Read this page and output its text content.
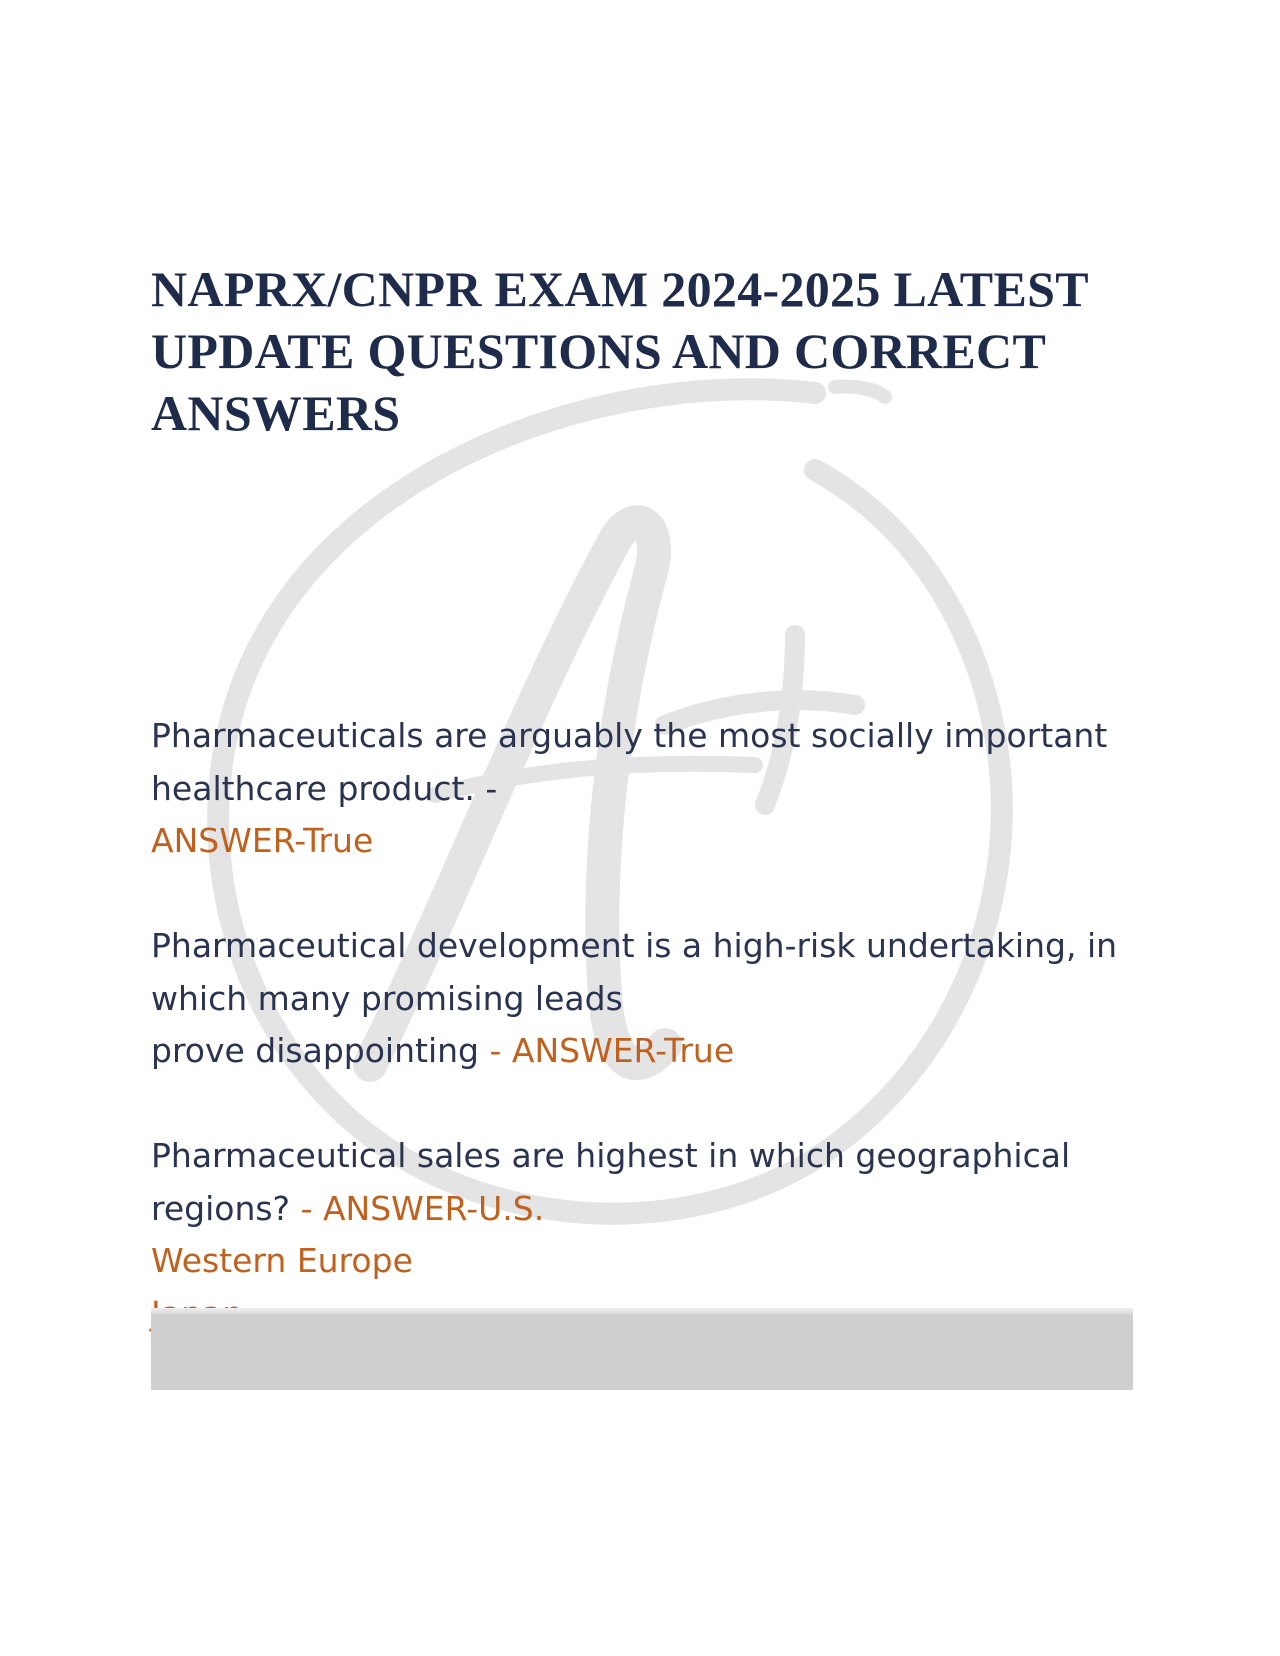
NAPRX/CNPR EXAM 2024-2025 LATEST
UPDATE QUESTIONS AND CORRECT
ANSWERS
Pharmaceuticals are arguably the most socially important
healthcare product. -
ANSWER-True
Pharmaceutical development is a high-risk undertaking, in
which many promising leads
prove disappointing - ANSWER-True
Pharmaceutical sales are highest in which geographical
regions? - ANSWER-U.S.
Western Europe
